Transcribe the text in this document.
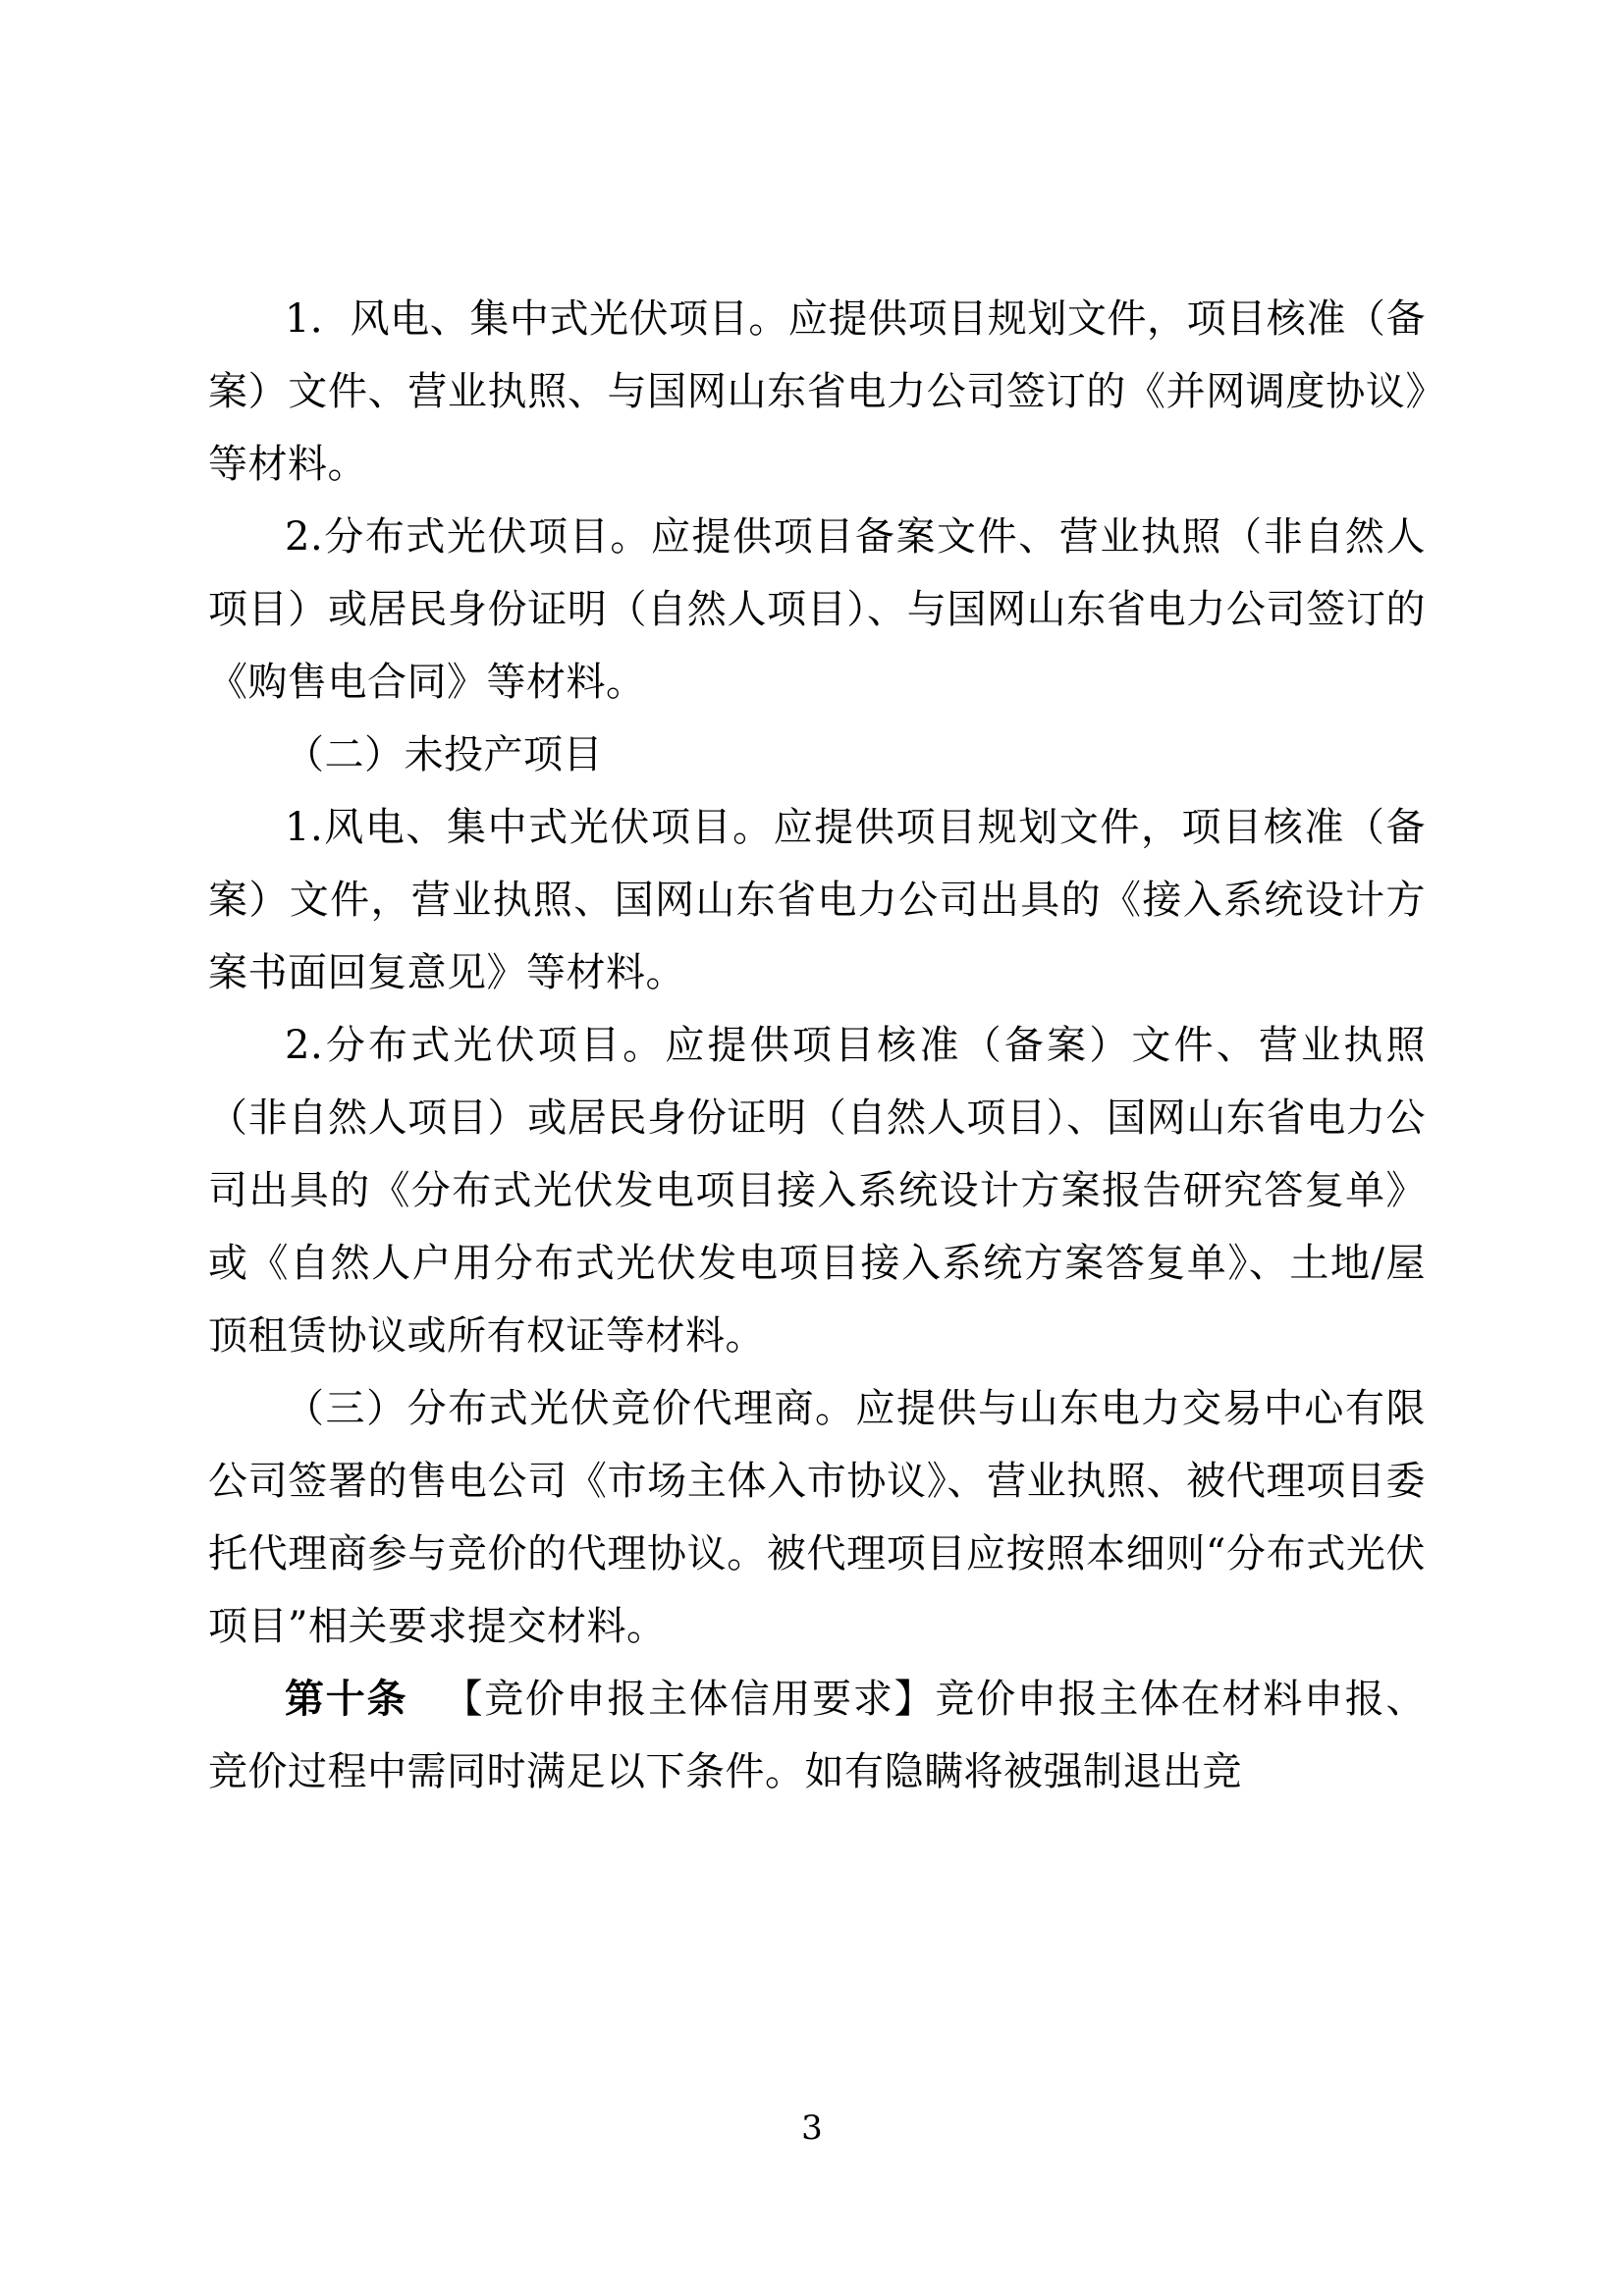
1．风电、集中式光伏项目。应提供项目规划文件，项目核准（备案）文件、营业执照、与国网山东省电力公司签订的《并网调度协议》等材料。

2.分布式光伏项目。应提供项目备案文件、营业执照（非自然人项目）或居民身份证明（自然人项目）、与国网山东省电力公司签订的《购售电合同》等材料。

（二）未投产项目

1.风电、集中式光伏项目。应提供项目规划文件，项目核准（备案）文件，营业执照、国网山东省电力公司出具的《接入系统设计方案书面回复意见》等材料。

2.分布式光伏项目。应提供项目核准（备案）文件、营业执照（非自然人项目）或居民身份证明（自然人项目）、国网山东省电力公司出具的《分布式光伏发电项目接入系统设计方案报告研究答复单》或《自然人户用分布式光伏发电项目接入系统方案答复单》、土地/屋顶租赁协议或所有权证等材料。

（三）分布式光伏竞价代理商。应提供与山东电力交易中心有限公司签署的售电公司《市场主体入市协议》、营业执照、被代理项目委托代理商参与竞价的代理协议。被代理项目应按照本细则“分布式光伏项目”相关要求提交材料。

第十条 　 【竞价申报主体信用要求】竞价申报主体在材料申报、竞价过程中需同时满足以下条件。如有隐瞒将被强制退出竞

3
